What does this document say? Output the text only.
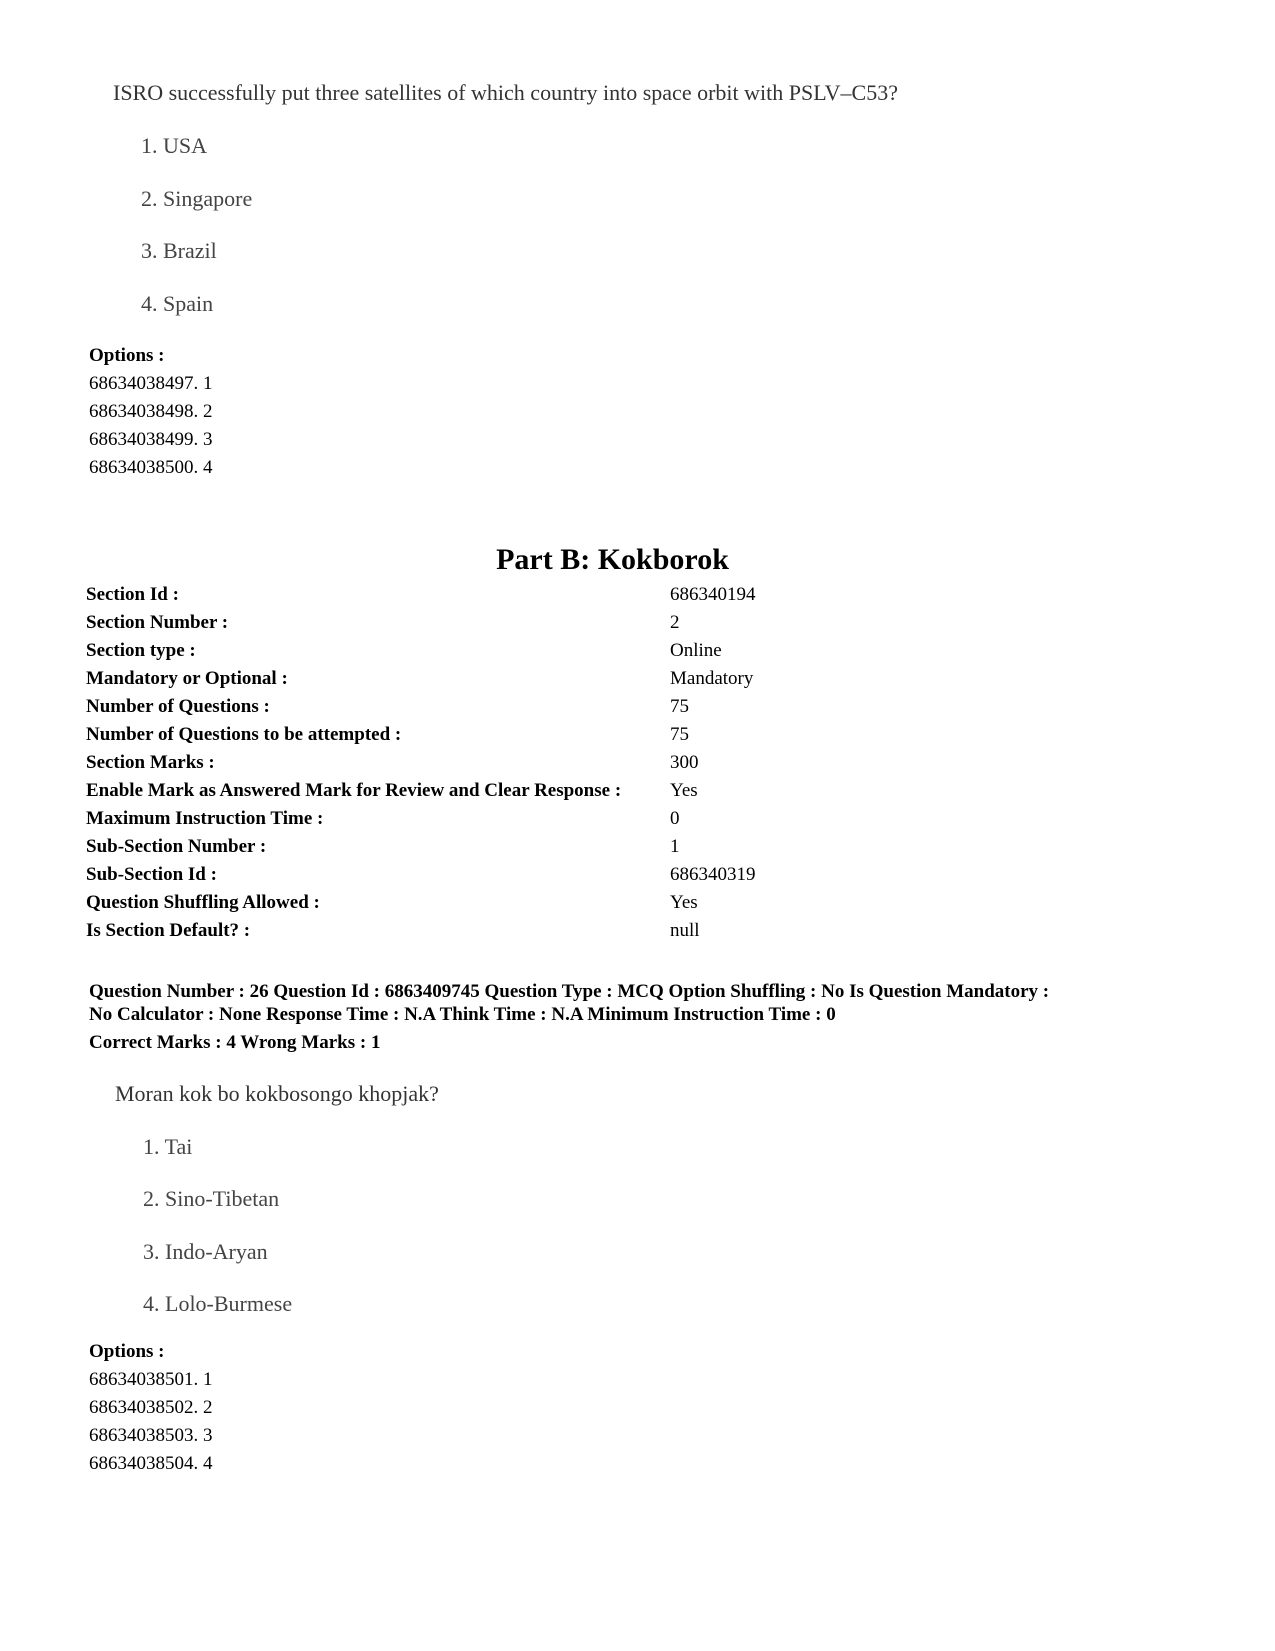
ISRO successfully put three satellites of which country into space orbit with PSLV–C53?
1. USA
2. Singapore
3. Brazil
4. Spain
Options :
68634038497. 1
68634038498. 2
68634038499. 3
68634038500. 4
Part B: Kokborok
Section Id :	686340194
Section Number :	2
Section type :	Online
Mandatory or Optional :	Mandatory
Number of Questions :	75
Number of Questions to be attempted :	75
Section Marks :	300
Enable Mark as Answered Mark for Review and Clear Response :	Yes
Maximum Instruction Time :	0
Sub-Section Number :	1
Sub-Section Id :	686340319
Question Shuffling Allowed :	Yes
Is Section Default? :	null
Question Number : 26 Question Id : 6863409745 Question Type : MCQ Option Shuffling : No Is Question Mandatory :
No Calculator : None Response Time : N.A Think Time : N.A Minimum Instruction Time : 0
Correct Marks : 4 Wrong Marks : 1
Moran kok bo kokbosongo khopjak?
1. Tai
2. Sino-Tibetan
3. Indo-Aryan
4. Lolo-Burmese
Options :
68634038501. 1
68634038502. 2
68634038503. 3
68634038504. 4
